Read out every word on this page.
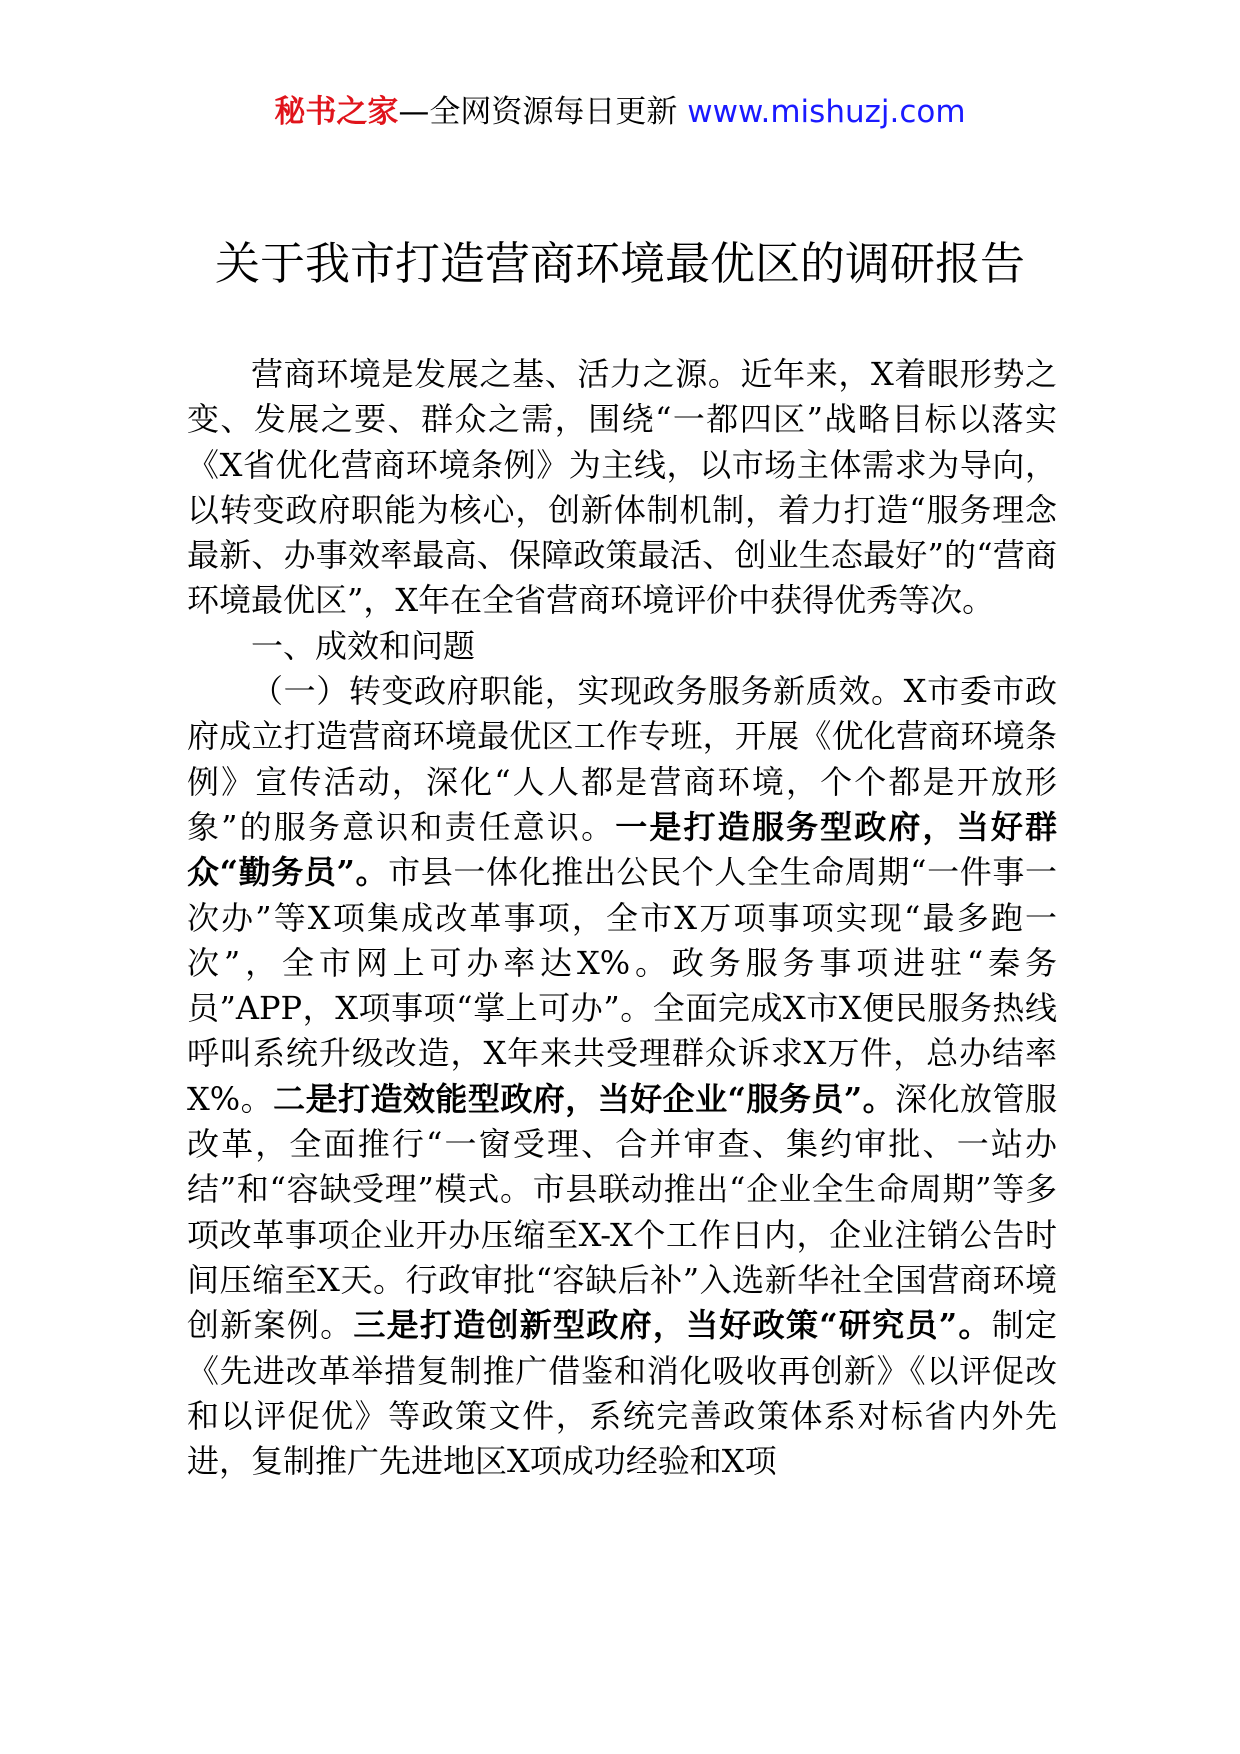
秘书之家—全网资源每日更新 www.mishuzj.com
关于我市打造营商环境最优区的调研报告

营商环境是发展之基、活力之源。近年来，X着眼形势之变、发展之要、群众之需，围绕“一都四区”战略目标以落实《X省优化营商环境条例》为主线，以市场主体需求为导向，以转变政府职能为核心，创新体制机制，着力打造“服务理念最新、办事效率最高、保障政策最活、创业生态最好”的“营商环境最优区”，X年在全省营商环境评价中获得优秀等次。

一、成效和问题

（一）转变政府职能，实现政务服务新质效。X市委市政府成立打造营商环境最优区工作专班，开展《优化营商环境条例》宣传活动，深化“人人都是营商环境，个个都是开放形象”的服务意识和责任意识。一是打造服务型政府，当好群众“勤务员”。市县一体化推出公民个人全生命周期“一件事一次办”等X项集成改革事项，全市X万项事项实现“最多跑一次”，全市网上可办率达X%。政务服务事项进驻“秦务员”APP，X项事项“掌上可办”。全面完成X市X便民服务热线呼叫系统升级改造，X年来共受理群众诉求X万件，总办结率X%。二是打造效能型政府，当好企业“服务员”。深化放管服改革，全面推行“一窗受理、合并审查、集约审批、一站办结”和“容缺受理”模式。市县联动推出“企业全生命周期”等多项改革事项企业开办压缩至X-X个工作日内，企业注销公告时间压缩至X天。行政审批“容缺后补”入选新华社全国营商环境创新案例。三是打造创新型政府，当好政策“研究员”。制定《先进改革举措复制推广借鉴和消化吸收再创新》《以评促改和以评促优》等政策文件，系统完善政策体系对标省内外先进，复制推广先进地区X项成功经验和X项
